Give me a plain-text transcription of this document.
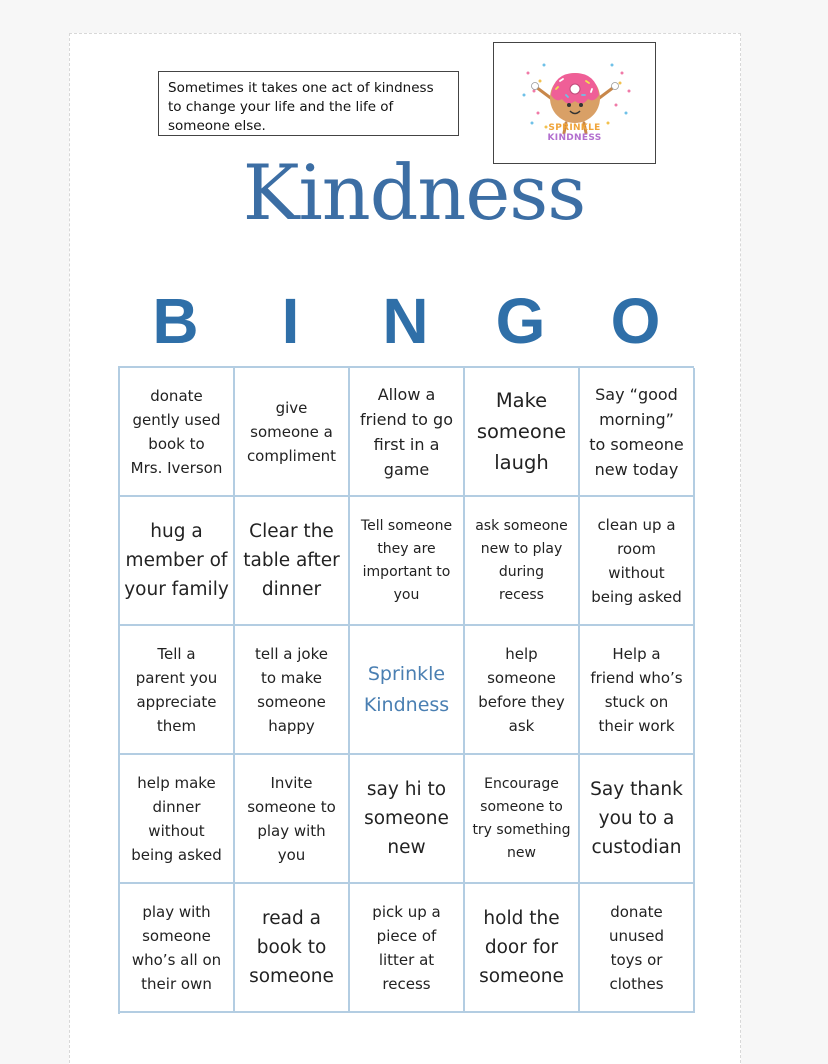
Sometimes it takes one act of kindness to change your life and the life of someone else.	SPRINKLE
KINDNESS
Kindness
B	I	N	G	O
donate
gently used
book to
Mrs. Iverson
give
someone a
compliment
Allow a
friend to go
first in a
game
Make
someone
laugh
Say “good
morning”
to someone
new today
hug a
member of
your family
Clear the
table after
dinner
Tell someone
they are
important to
you
ask someone
new to play
during
recess
clean up a
room
without
being asked
Tell a
parent you
appreciate
them
tell a joke
to make
someone
happy
Sprinkle
Kindness
help
someone
before they
ask
Help a
friend who’s
stuck on
their work
help make
dinner
without
being asked
Invite
someone to
play with
you
say hi to
someone
new
Encourage
someone to
try something
new
Say thank
you to a
custodian
play with
someone
who’s all on
their own
read a
book to
someone
pick up a
piece of
litter at
recess
hold the
door for
someone
donate
unused
toys or
clothes
